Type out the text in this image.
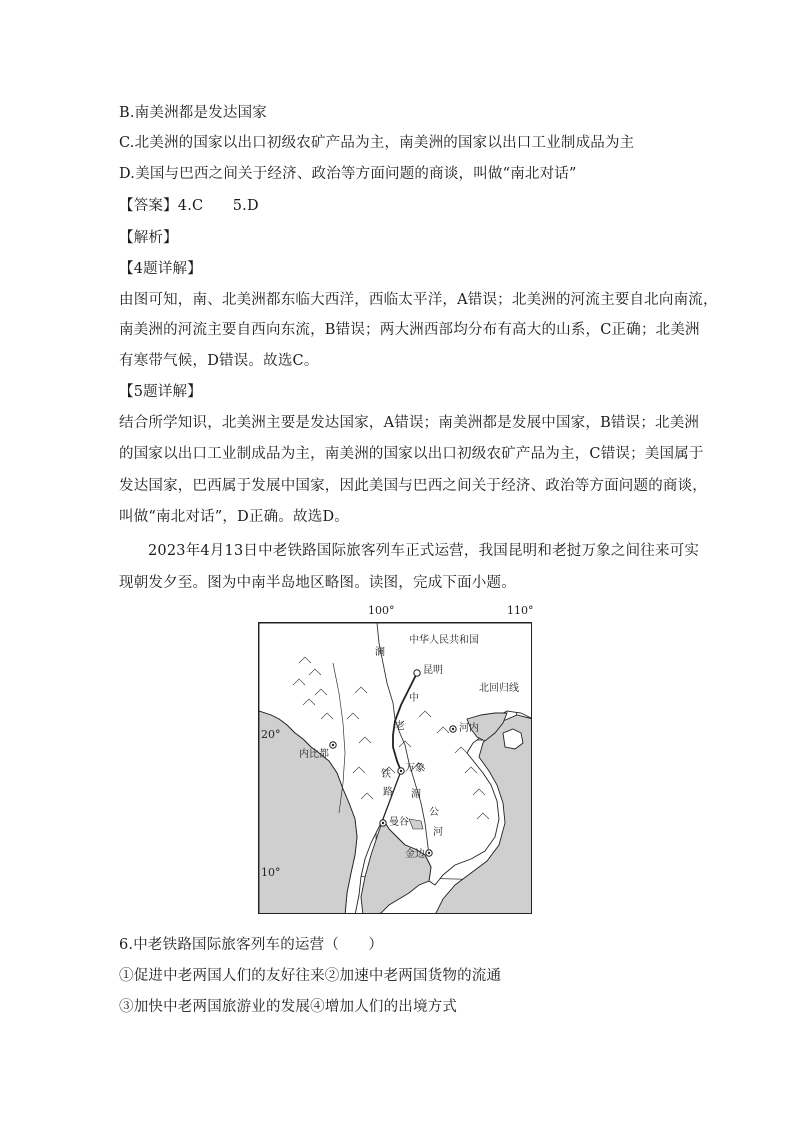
B.南美洲都是发达国家
C.北美洲的国家以出口初级农矿产品为主，南美洲的国家以出口工业制成品为主
D.美国与巴西之间关于经济、政治等方面问题的商谈，叫做“南北对话”
【答案】4.C　　5.D
【解析】
【4题详解】
由图可知，南、北美洲都东临大西洋，西临太平洋，A错误；北美洲的河流主要自北向南流，
南美洲的河流主要自西向东流，B错误；两大洲西部均分布有高大的山系，C正确；北美洲
有寒带气候，D错误。故选C。
【5题详解】
结合所学知识，北美洲主要是发达国家，A错误；南美洲都是发展中国家，B错误；北美洲
的国家以出口工业制成品为主，南美洲的国家以出口初级农矿产品为主，C错误；美国属于
发达国家，巴西属于发展中国家，因此美国与巴西之间关于经济、政治等方面问题的商谈，
叫做“南北对话”，D正确。故选D。
2023年4月13日中老铁路国际旅客列车正式运营，我国昆明和老挝万象之间往来可实
现朝发夕至。图为中南半岛地区略图。读图，完成下面小题。
100°	110°
20°
10°
中华人民共和国
昆明
北回归线
河内
内比都
万象
曼谷
金边
澜
中
老
铁
路 湄
公
河
6.中老铁路国际旅客列车的运营（　　）
①促进中老两国人们的友好往来②加速中老两国货物的流通
③加快中老两国旅游业的发展④增加人们的出境方式
